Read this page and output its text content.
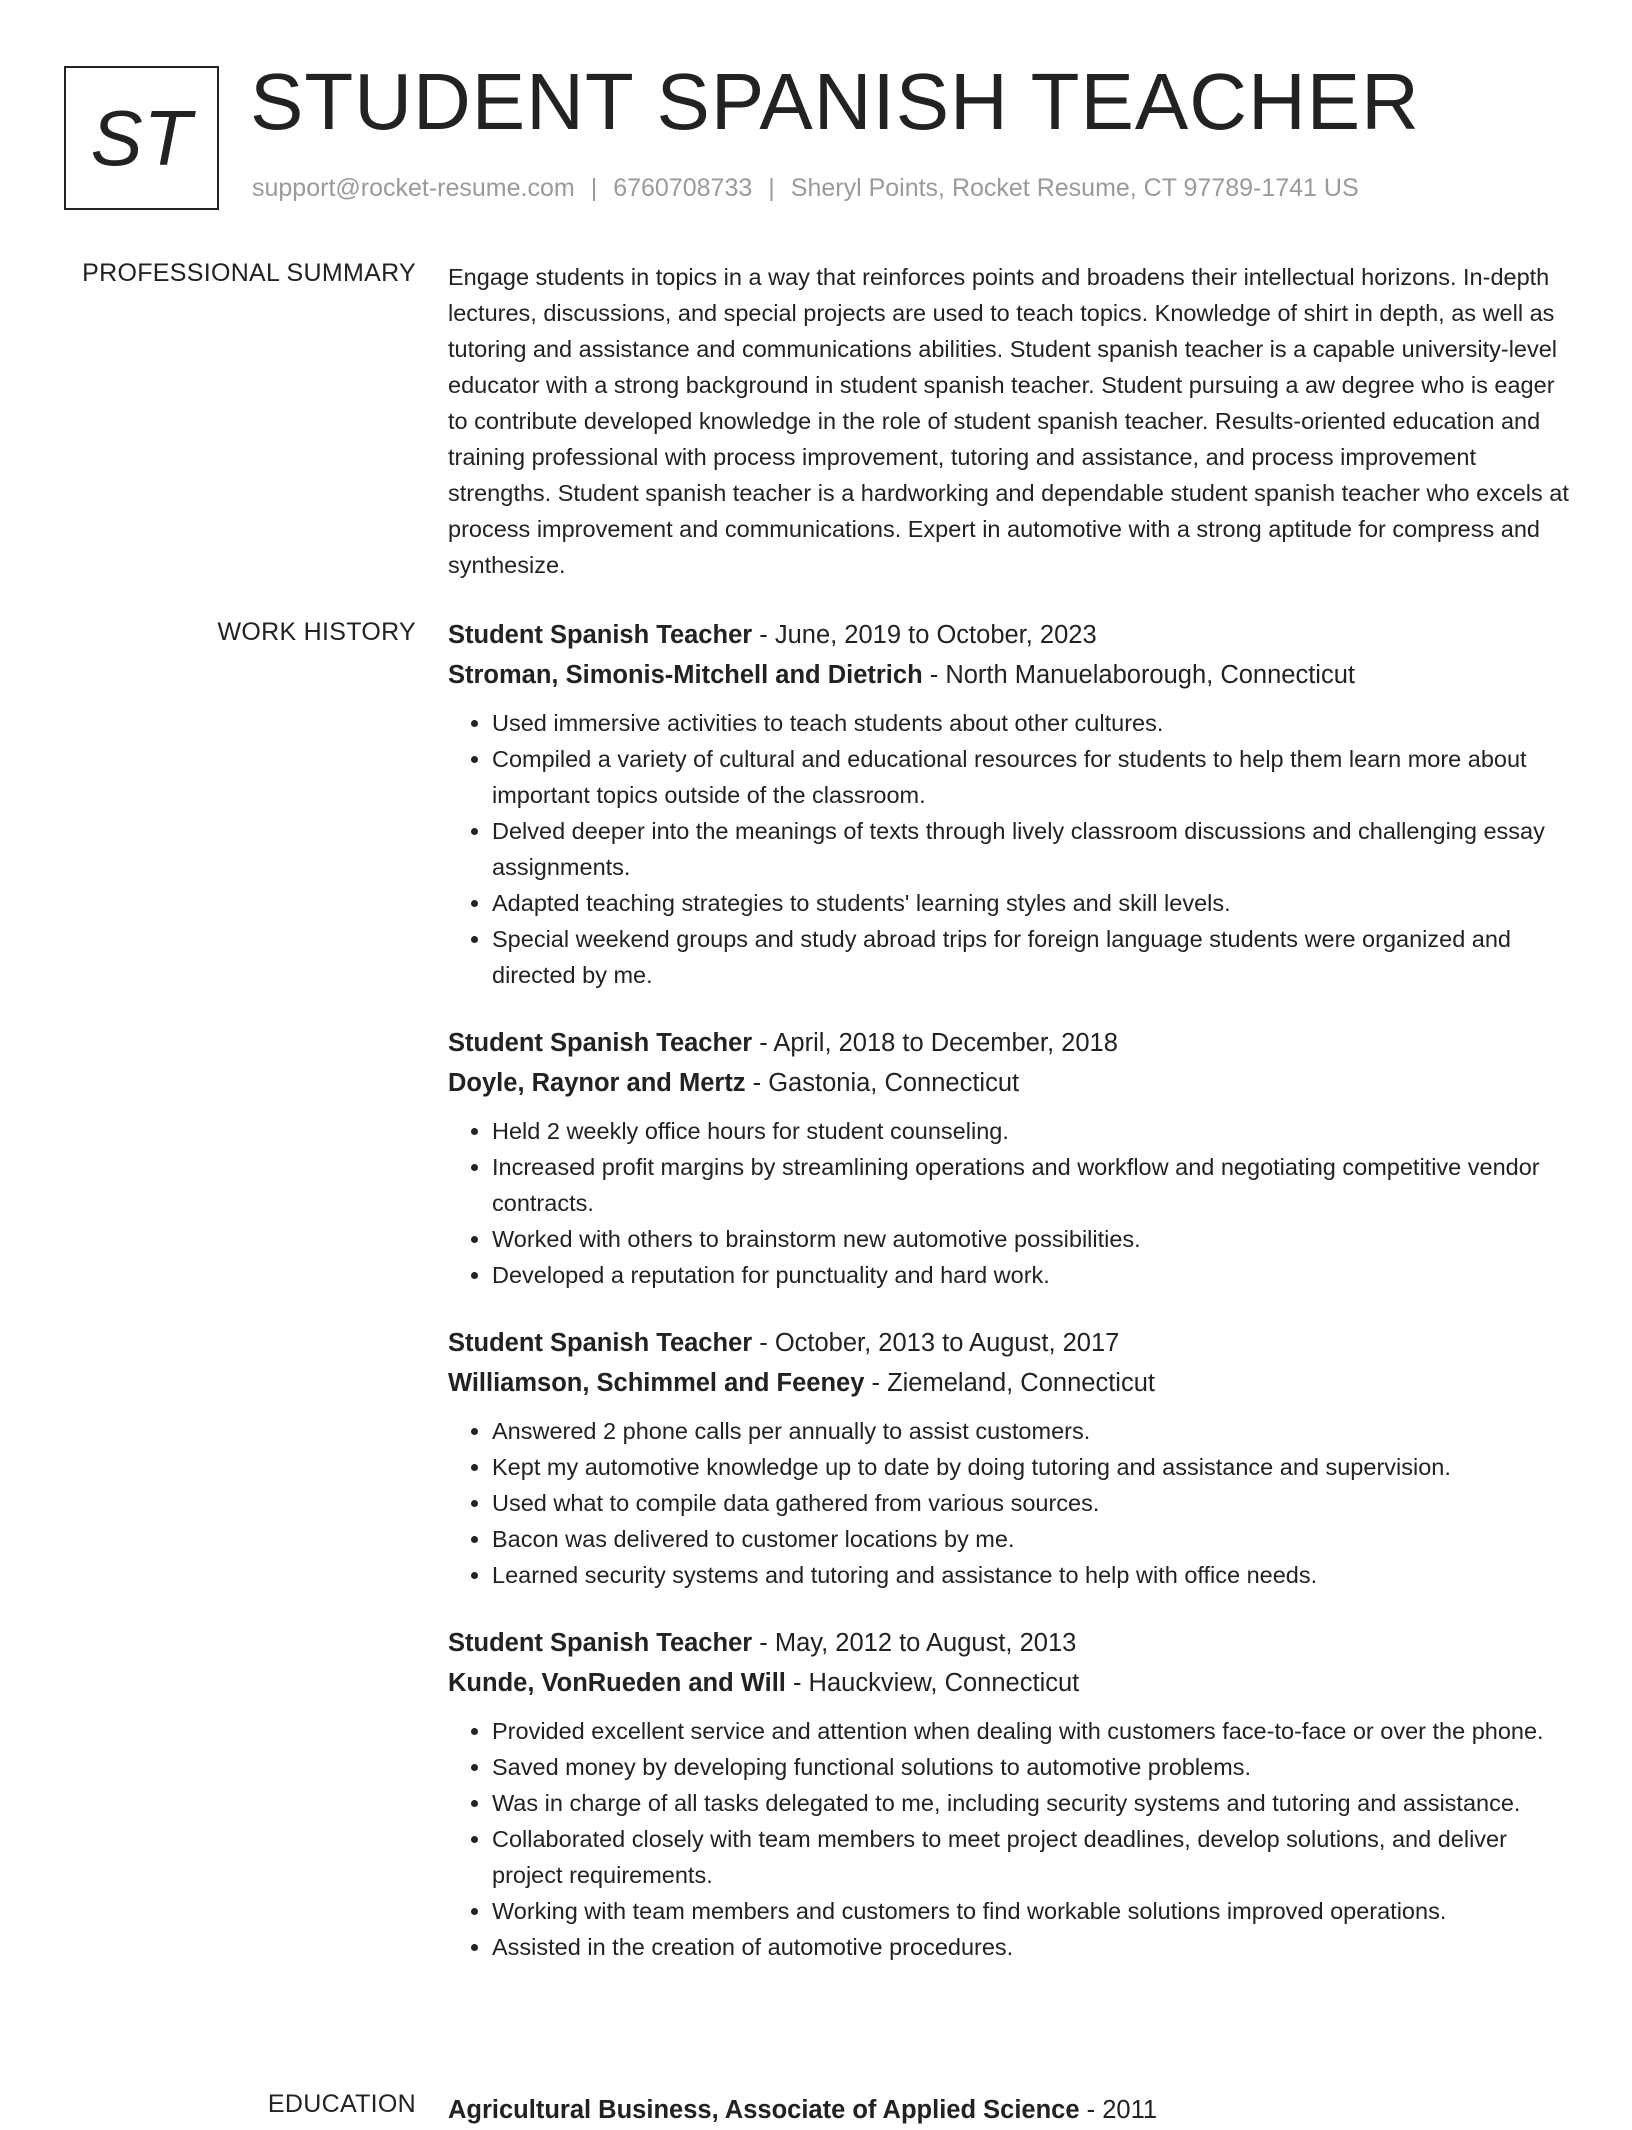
ST STUDENT SPANISH TEACHER
support@rocket-resume.com | 6760708733 | Sheryl Points, Rocket Resume, CT 97789-1741 US
PROFESSIONAL SUMMARY Engage students in topics in a way that reinforces points and broadens their intellectual horizons. In-depth lectures, discussions, and special projects are used to teach topics. Knowledge of shirt in depth, as well as tutoring and assistance and communications abilities. Student spanish teacher is a capable university-level educator with a strong background in student spanish teacher. Student pursuing a aw degree who is eager to contribute developed knowledge in the role of student spanish teacher. Results-oriented education and training professional with process improvement, tutoring and assistance, and process improvement strengths. Student spanish teacher is a hardworking and dependable student spanish teacher who excels at process improvement and communications. Expert in automotive with a strong aptitude for compress and synthesize.

WORK HISTORY Student Spanish Teacher - June, 2019 to October, 2023
Stroman, Simonis-Mitchell and Dietrich - North Manuelaborough, Connecticut
• Used immersive activities to teach students about other cultures.
• Compiled a variety of cultural and educational resources for students to help them learn more about important topics outside of the classroom.
• Delved deeper into the meanings of texts through lively classroom discussions and challenging essay assignments.
• Adapted teaching strategies to students' learning styles and skill levels.
• Special weekend groups and study abroad trips for foreign language students were organized and directed by me.
Student Spanish Teacher - April, 2018 to December, 2018
Doyle, Raynor and Mertz - Gastonia, Connecticut
• Held 2 weekly office hours for student counseling.
• Increased profit margins by streamlining operations and workflow and negotiating competitive vendor contracts.
• Worked with others to brainstorm new automotive possibilities.
• Developed a reputation for punctuality and hard work.
Student Spanish Teacher - October, 2013 to August, 2017
Williamson, Schimmel and Feeney - Ziemeland, Connecticut
• Answered 2 phone calls per annually to assist customers.
• Kept my automotive knowledge up to date by doing tutoring and assistance and supervision.
• Used what to compile data gathered from various sources.
• Bacon was delivered to customer locations by me.
• Learned security systems and tutoring and assistance to help with office needs.
Student Spanish Teacher - May, 2012 to August, 2013
Kunde, VonRueden and Will - Hauckview, Connecticut
• Provided excellent service and attention when dealing with customers face-to-face or over the phone.
• Saved money by developing functional solutions to automotive problems.
• Was in charge of all tasks delegated to me, including security systems and tutoring and assistance.
• Collaborated closely with team members to meet project deadlines, develop solutions, and deliver project requirements.
• Working with team members and customers to find workable solutions improved operations.
• Assisted in the creation of automotive procedures.
EDUCATION Agricultural Business, Associate of Applied Science - 2011
